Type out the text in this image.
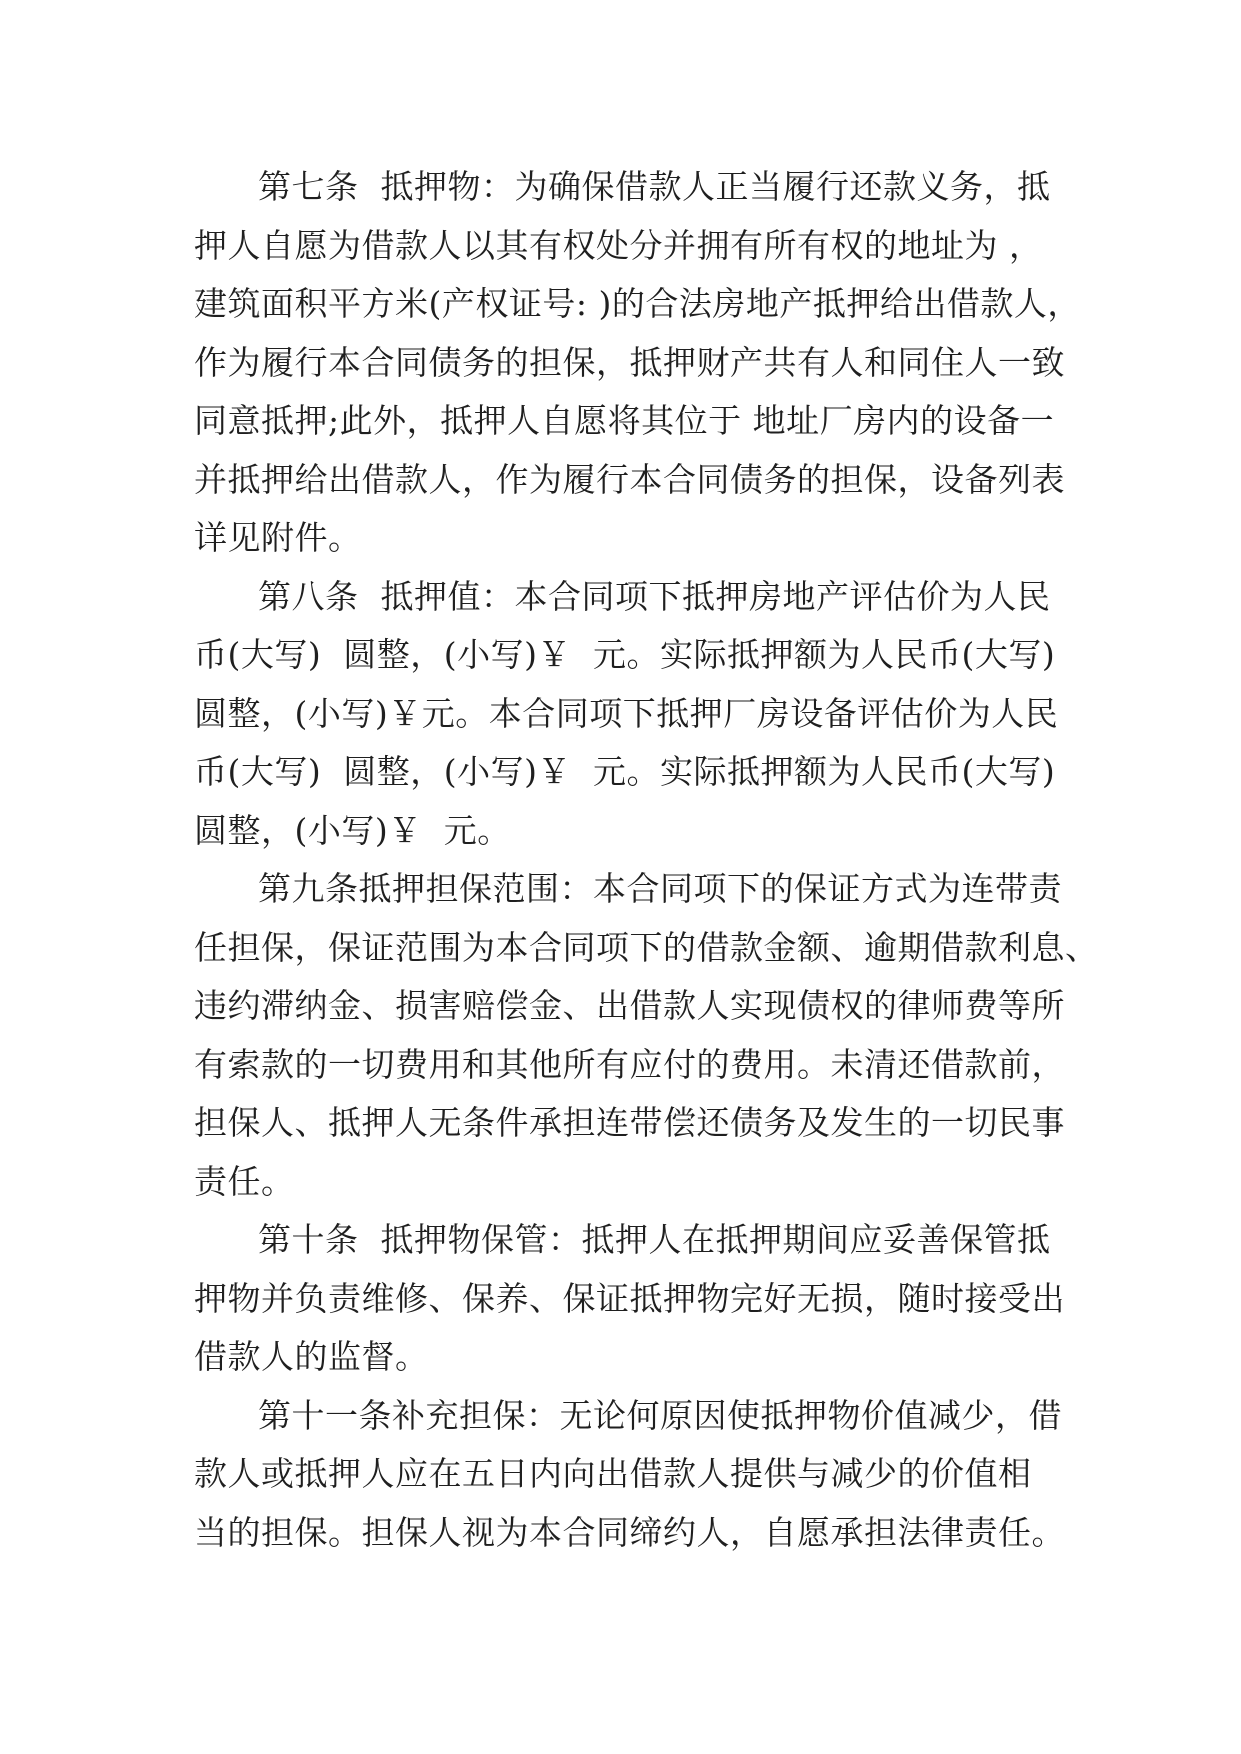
第七条  抵押物：为确保借款人正当履行还款义务，抵
押人自愿为借款人以其有权处分并拥有所有权的地址为 ，
建筑面积平方米(产权证号: )的合法房地产抵押给出借款人，
作为履行本合同债务的担保，抵押财产共有人和同住人一致
同意抵押;此外，抵押人自愿将其位于 地址厂房内的设备一
并抵押给出借款人，作为履行本合同债务的担保，设备列表
详见附件。
第八条  抵押值：本合同项下抵押房地产评估价为人民
币(大写)  圆整，(小写)￥  元。实际抵押额为人民币(大写)
圆整，(小写)￥元。本合同项下抵押厂房设备评估价为人民
币(大写)  圆整，(小写)￥  元。实际抵押额为人民币(大写)
圆整，(小写)￥  元。
第九条抵押担保范围：本合同项下的保证方式为连带责
任担保，保证范围为本合同项下的借款金额、逾期借款利息、
违约滞纳金、损害赔偿金、出借款人实现债权的律师费等所
有索款的一切费用和其他所有应付的费用。未清还借款前，
担保人、抵押人无条件承担连带偿还债务及发生的一切民事
责任。
第十条  抵押物保管：抵押人在抵押期间应妥善保管抵
押物并负责维修、保养、保证抵押物完好无损，随时接受出
借款人的监督。
第十一条补充担保：无论何原因使抵押物价值减少，借
款人或抵押人应在五日内向出借款人提供与减少的价值相
当的担保。担保人视为本合同缔约人，自愿承担法律责任。
